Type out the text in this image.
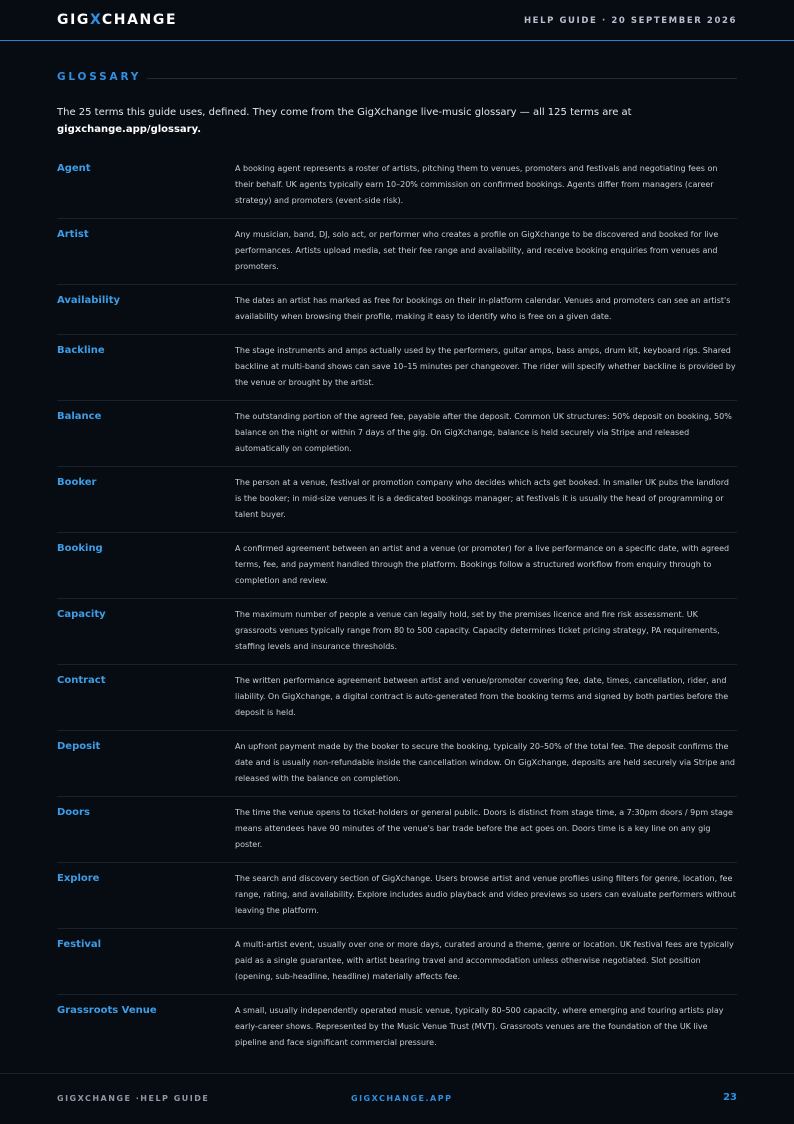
GIGXCHANGE	HELP GUIDE · 20 SEPTEMBER 2026
GLOSSARY
The 25 terms this guide uses, defined. They come from the GigXchange live-music glossary — all 125 terms are at
gigxchange.app/glossary.
Agent	A booking agent represents a roster of artists, pitching them to venues, promoters and festivals and negotiating fees on their behalf. UK agents typically earn 10–20% commission on confirmed bookings. Agents differ from managers (career strategy) and promoters (event-side risk).
Artist	Any musician, band, DJ, solo act, or performer who creates a profile on GigXchange to be discovered and booked for live performances. Artists upload media, set their fee range and availability, and receive booking enquiries from venues and promoters.
Availability	The dates an artist has marked as free for bookings on their in-platform calendar. Venues and promoters can see an artist's availability when browsing their profile, making it easy to identify who is free on a given date.
Backline	The stage instruments and amps actually used by the performers, guitar amps, bass amps, drum kit, keyboard rigs. Shared backline at multi-band shows can save 10–15 minutes per changeover. The rider will specify whether backline is provided by the venue or brought by the artist.
Balance	The outstanding portion of the agreed fee, payable after the deposit. Common UK structures: 50% deposit on booking, 50% balance on the night or within 7 days of the gig. On GigXchange, balance is held securely via Stripe and released automatically on completion.
Booker	The person at a venue, festival or promotion company who decides which acts get booked. In smaller UK pubs the landlord is the booker; in mid-size venues it is a dedicated bookings manager; at festivals it is usually the head of programming or talent buyer.
Booking	A confirmed agreement between an artist and a venue (or promoter) for a live performance on a specific date, with agreed terms, fee, and payment handled through the platform. Bookings follow a structured workflow from enquiry through to completion and review.
Capacity	The maximum number of people a venue can legally hold, set by the premises licence and fire risk assessment. UK grassroots venues typically range from 80 to 500 capacity. Capacity determines ticket pricing strategy, PA requirements, staffing levels and insurance thresholds.
Contract	The written performance agreement between artist and venue/promoter covering fee, date, times, cancellation, rider, and liability. On GigXchange, a digital contract is auto-generated from the booking terms and signed by both parties before the deposit is held.
Deposit	An upfront payment made by the booker to secure the booking, typically 20–50% of the total fee. The deposit confirms the date and is usually non-refundable inside the cancellation window. On GigXchange, deposits are held securely via Stripe and released with the balance on completion.
Doors	The time the venue opens to ticket-holders or general public. Doors is distinct from stage time, a 7:30pm doors / 9pm stage means attendees have 90 minutes of the venue's bar trade before the act goes on. Doors time is a key line on any gig poster.
Explore	The search and discovery section of GigXchange. Users browse artist and venue profiles using filters for genre, location, fee range, rating, and availability. Explore includes audio playback and video previews so users can evaluate performers without leaving the platform.
Festival	A multi-artist event, usually over one or more days, curated around a theme, genre or location. UK festival fees are typically paid as a single guarantee, with artist bearing travel and accommodation unless otherwise negotiated. Slot position (opening, sub-headline, headline) materially affects fee.
Grassroots Venue	A small, usually independently operated music venue, typically 80–500 capacity, where emerging and touring artists play early-career shows. Represented by the Music Venue Trust (MVT). Grassroots venues are the foundation of the UK live pipeline and face significant commercial pressure.
GIGXCHANGE ·HELP GUIDE	GIGXCHANGE.APP	23
